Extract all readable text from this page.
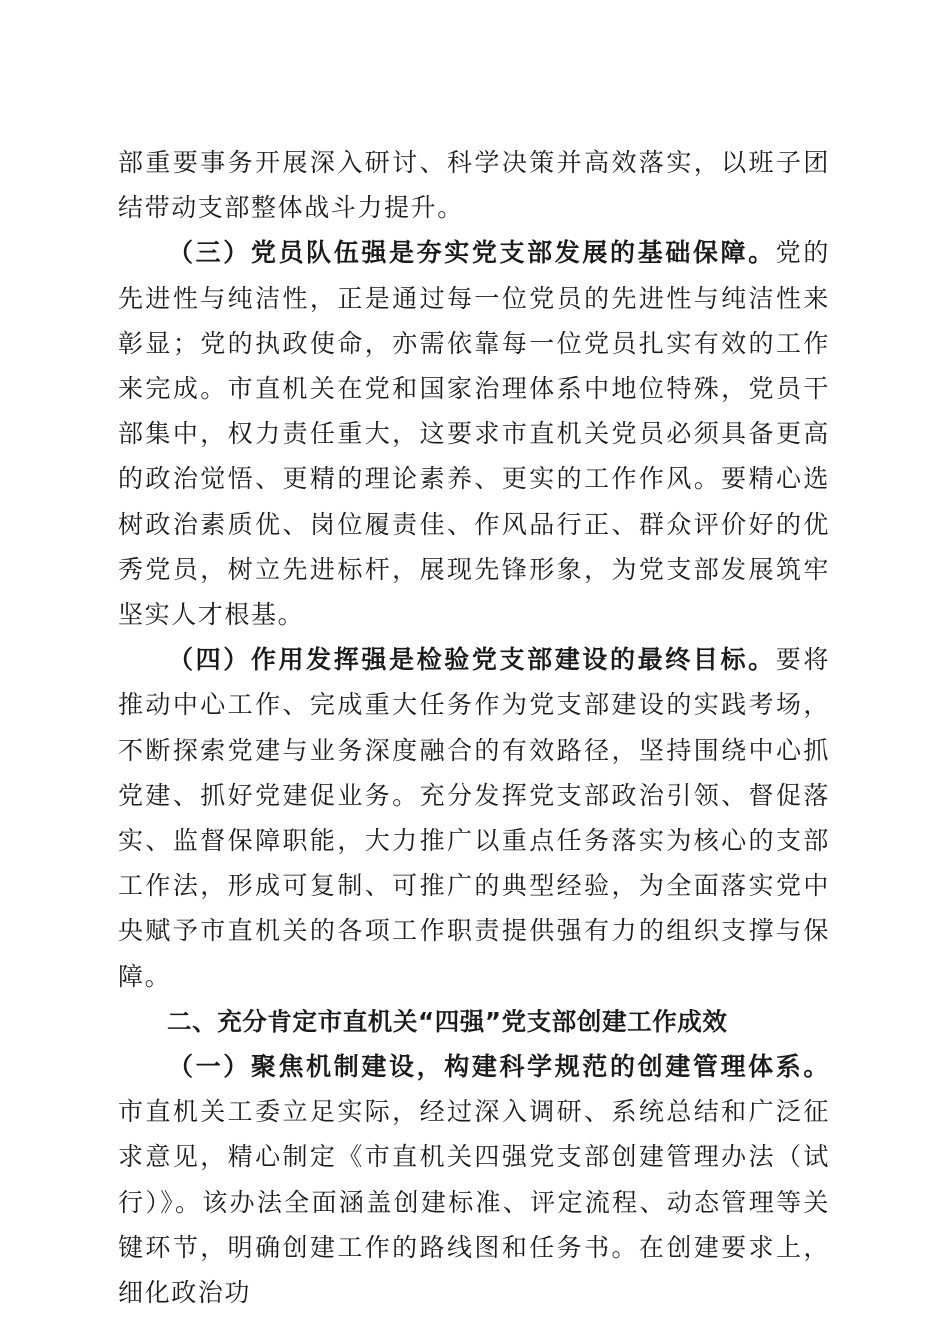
部重要事务开展深入研讨、科学决策并高效落实，以班子团结带动支部整体战斗力提升。

（三）党员队伍强是夯实党支部发展的基础保障。党的先进性与纯洁性，正是通过每一位党员的先进性与纯洁性来彰显；党的执政使命，亦需依靠每一位党员扎实有效的工作来完成。市直机关在党和国家治理体系中地位特殊，党员干部集中，权力责任重大，这要求市直机关党员必须具备更高的政治觉悟、更精的理论素养、更实的工作作风。要精心选树政治素质优、岗位履责佳、作风品行正、群众评价好的优秀党员，树立先进标杆，展现先锋形象，为党支部发展筑牢坚实人才根基。

（四）作用发挥强是检验党支部建设的最终目标。要将推动中心工作、完成重大任务作为党支部建设的实践考场，不断探索党建与业务深度融合的有效路径，坚持围绕中心抓党建、抓好党建促业务。充分发挥党支部政治引领、督促落实、监督保障职能，大力推广以重点任务落实为核心的支部工作法，形成可复制、可推广的典型经验，为全面落实党中央赋予市直机关的各项工作职责提供强有力的组织支撑与保障。

二、充分肯定市直机关“四强”党支部创建工作成效

（一）聚焦机制建设，构建科学规范的创建管理体系。市直机关工委立足实际，经过深入调研、系统总结和广泛征求意见，精心制定《市直机关四强党支部创建管理办法（试行）》。该办法全面涵盖创建标准、评定流程、动态管理等关键环节，明确创建工作的路线图和任务书。在创建要求上，细化政治功
